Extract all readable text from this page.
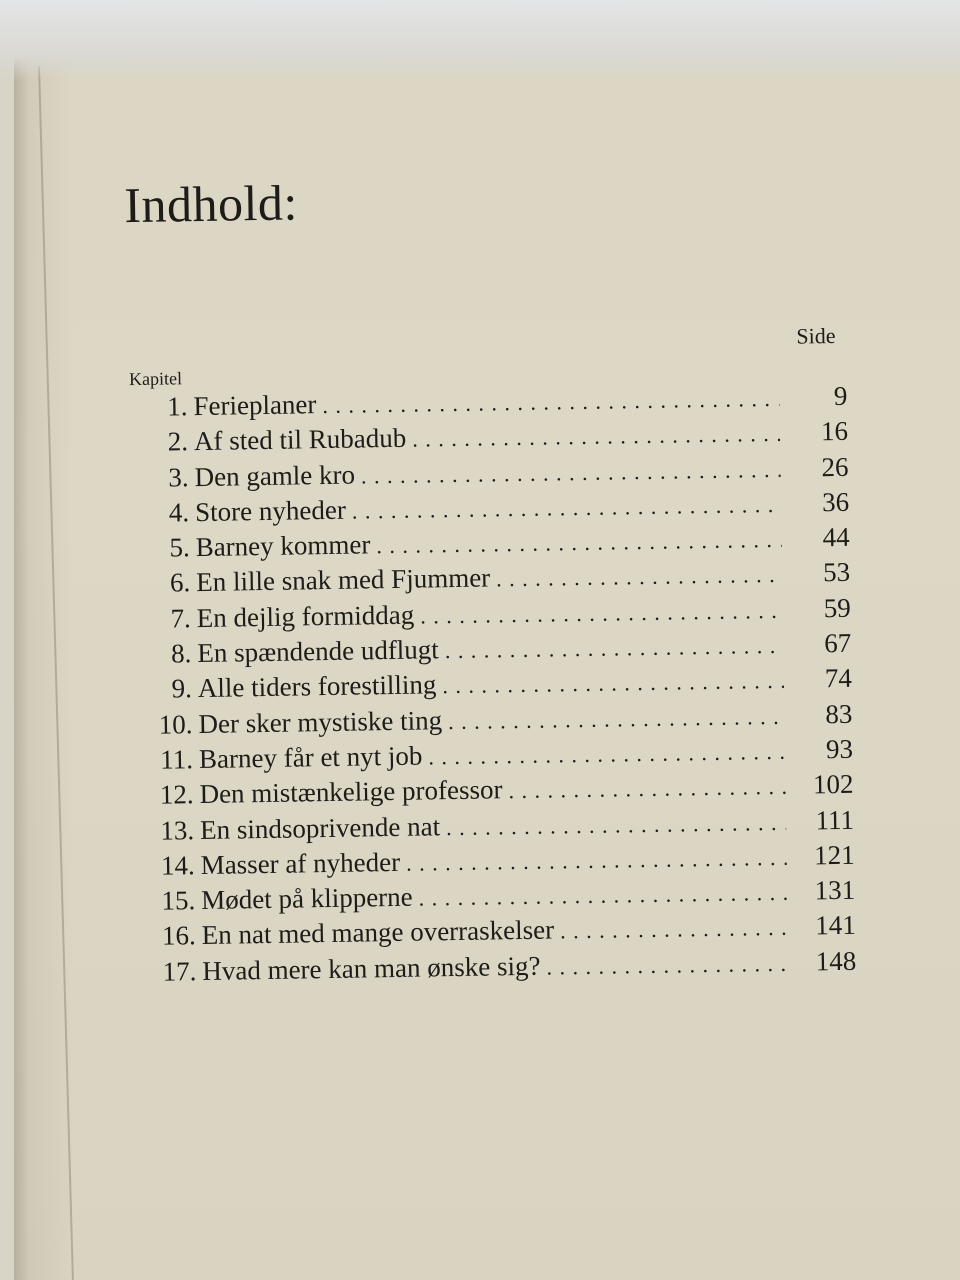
Indhold:
Side
Kapitel
1. Ferieplaner . . .	9
2. Af sted til Rubadub . . .	16
3. Den gamle kro . . .	26
4. Store nyheder . . .	36
5. Barney kommer . . .	44
6. En lille snak med Fjummer . . .	53
7. En dejlig formiddag . . .	59
8. En spændende udflugt . . .	67
9. Alle tiders forestilling . . .	74
10. Der sker mystiske ting . . .	83
11. Barney får et nyt job . . .	93
12. Den mistænkelige professor . . .	102
13. En sindsoprivende nat . . .	111
14. Masser af nyheder . . .	121
15. Mødet på klipperne . . .	131
16. En nat med mange overraskelser . . .	141
17. Hvad mere kan man ønske sig? . . .	148
